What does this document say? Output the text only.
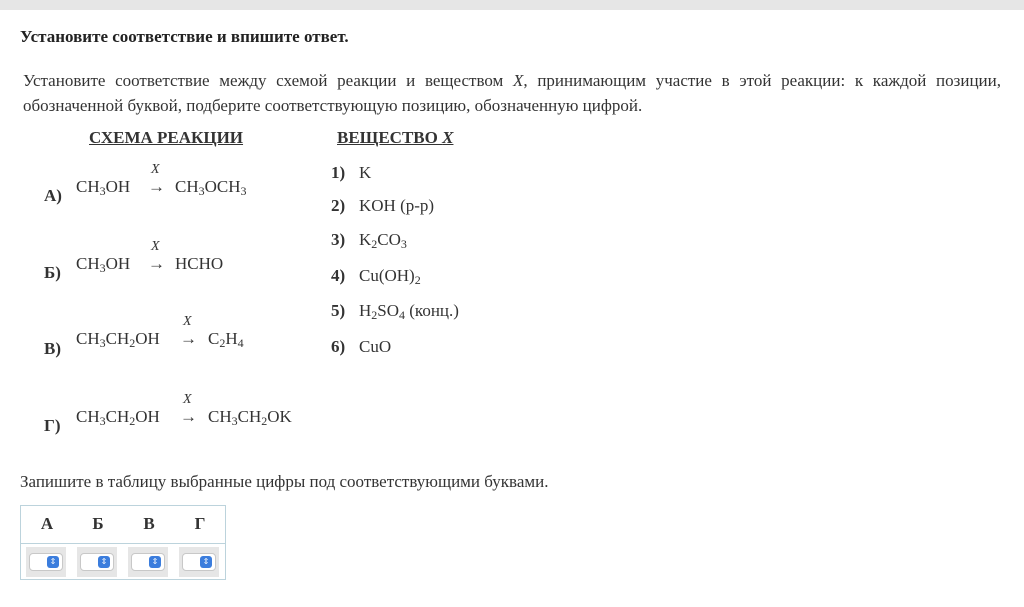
Установите соответствие и впишите ответ.
Установите соответствие между схемой реакции и веществом X, принимающим участие в этой реакции: к каждой позиции, обозначенной буквой, подберите соответствующую позицию, обозначенную цифрой.
СХЕМА РЕАКЦИИ	ВЕЩЕСТВО X
А)
X
$CH_3OH \to CH_3OCH_3$
Б)
X
$CH_3OH$ → HCHO
В)
X
$CH_3CH_2OH \to C_2H_4$
Г)
X
$CH_3CH_2OH \to CH_3CH_2OK$
1) K
2) KOH (р-р)
3) $K_2CO_3$
4) $Cu(OH)_2$
5) $H_2SO_4$ (конц.)
6) CuO
Запишите в таблицу выбранные цифры под соответствующими буквами.
А	Б	В	Г
⇕	⇕	⇕	⇕
